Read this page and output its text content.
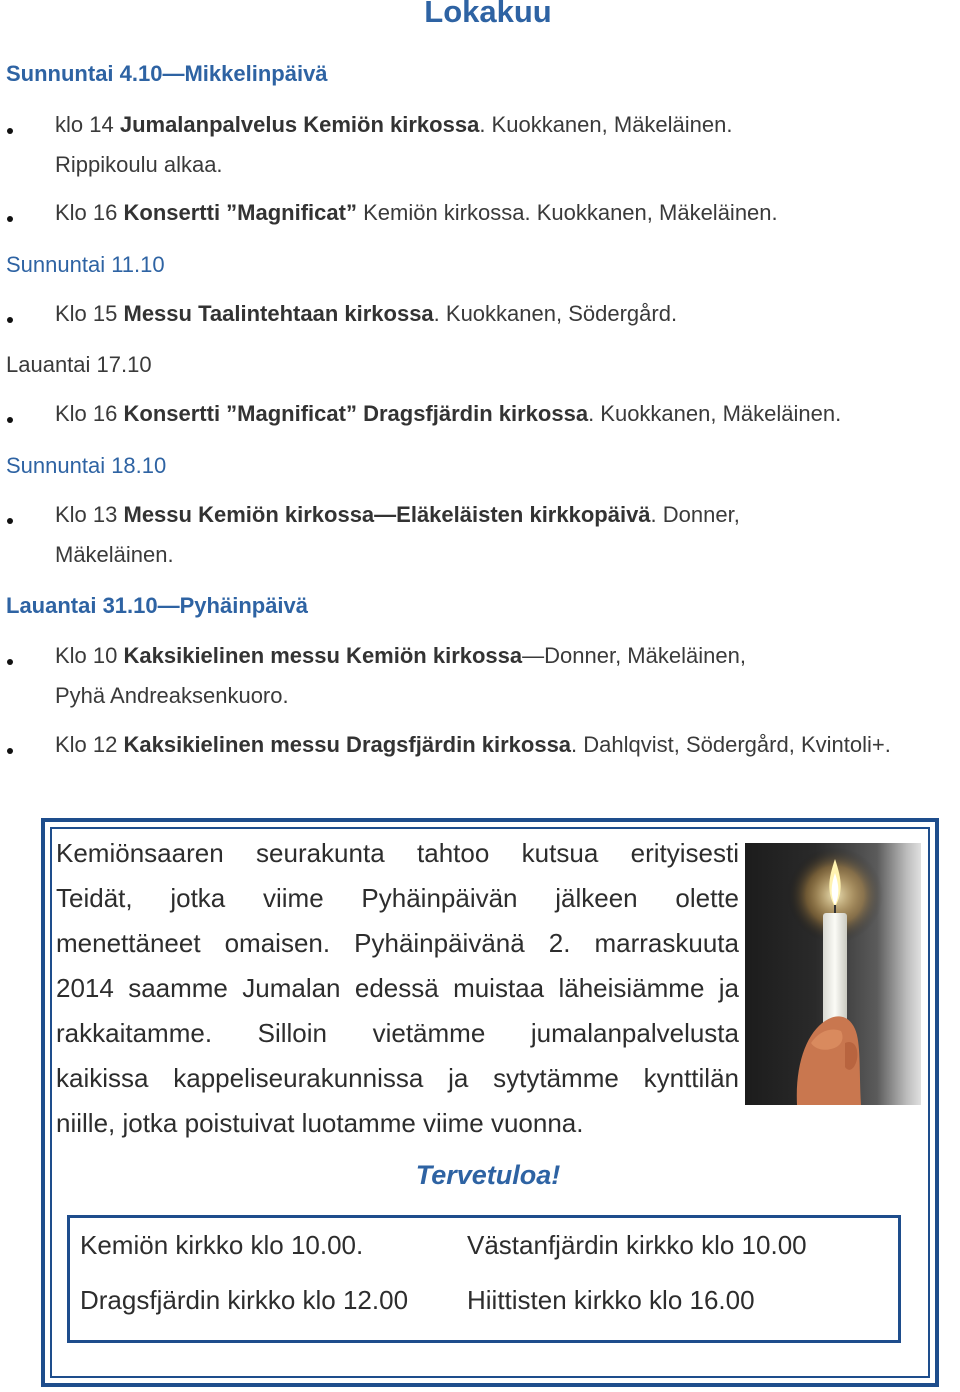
Lokakuu
Sunnuntai 4.10—Mikkelinpäivä
Sunnuntai 11.10
Lauantai 17.10
Sunnuntai 18.10
Lauantai 31.10—Pyhäinpäivä
klo 14 Jumalanpalvelus Kemiön kirkossa. Kuokkanen, Mäkeläinen.
Rippikoulu alkaa.
Klo 16 Konsertti ”Magnificat” Kemiön kirkossa. Kuokkanen, Mäkeläinen.
Klo 15 Messu Taalintehtaan kirkossa. Kuokkanen, Södergård.
Klo 16 Konsertti ”Magnificat” Dragsfjärdin kirkossa. Kuokkanen, Mäkeläinen.
Klo 13 Messu Kemiön kirkossa—Eläkeläisten kirkkopäivä. Donner,
Mäkeläinen.
Klo 10 Kaksikielinen messu Kemiön kirkossa—Donner, Mäkeläinen,
Pyhä Andreaksenkuoro.
Klo 12 Kaksikielinen messu Dragsfjärdin kirkossa. Dahlqvist, Södergård, Kvintoli+.
Kemiönsaaren seurakunta tahtoo kutsua erityisesti
Teidät, jotka viime Pyhäinpäivän jälkeen olette
menettäneet omaisen. Pyhäinpäivänä 2. marraskuuta
2014 saamme Jumalan edessä muistaa läheisiämme ja
rakkaitamme. Silloin vietämme jumalanpalvelusta
kaikissa kappeliseurakunnissa ja sytytämme kynttilän
niille, jotka poistuivat luotamme viime vuonna.
Tervetuloa!
Kemiön kirkko klo 10.00.	Västanfjärdin kirkko klo 10.00
Dragsfjärdin kirkko klo 12.00 Hiittisten kirkko klo 16.00
